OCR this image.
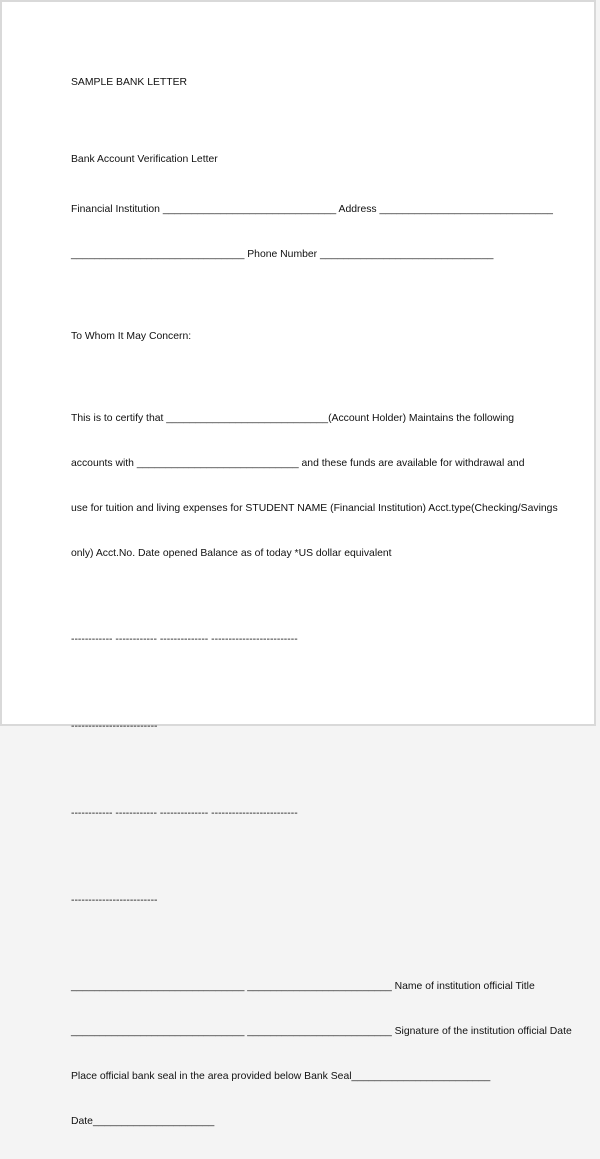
SAMPLE BANK LETTER

Bank Account Verification Letter

Financial Institution ______________________________ Address ______________________________

______________________________ Phone Number ______________________________

To Whom It May Concern:

This is to certify that ____________________________(Account Holder) Maintains the following

accounts with ____________________________ and these funds are available for withdrawal and

use for tuition and living expenses for STUDENT NAME (Financial Institution) Acct.type(Checking/Savings

only) Acct.No. Date opened Balance as of today *US dollar equivalent

------------ ------------ -------------- -------------------------

-------------------------

------------ ------------ -------------- -------------------------

-------------------------

______________________________ _________________________ Name of institution official Title

______________________________ _________________________ Signature of the institution official Date

Place official bank seal in the area provided below Bank Seal________________________

Date_____________________
